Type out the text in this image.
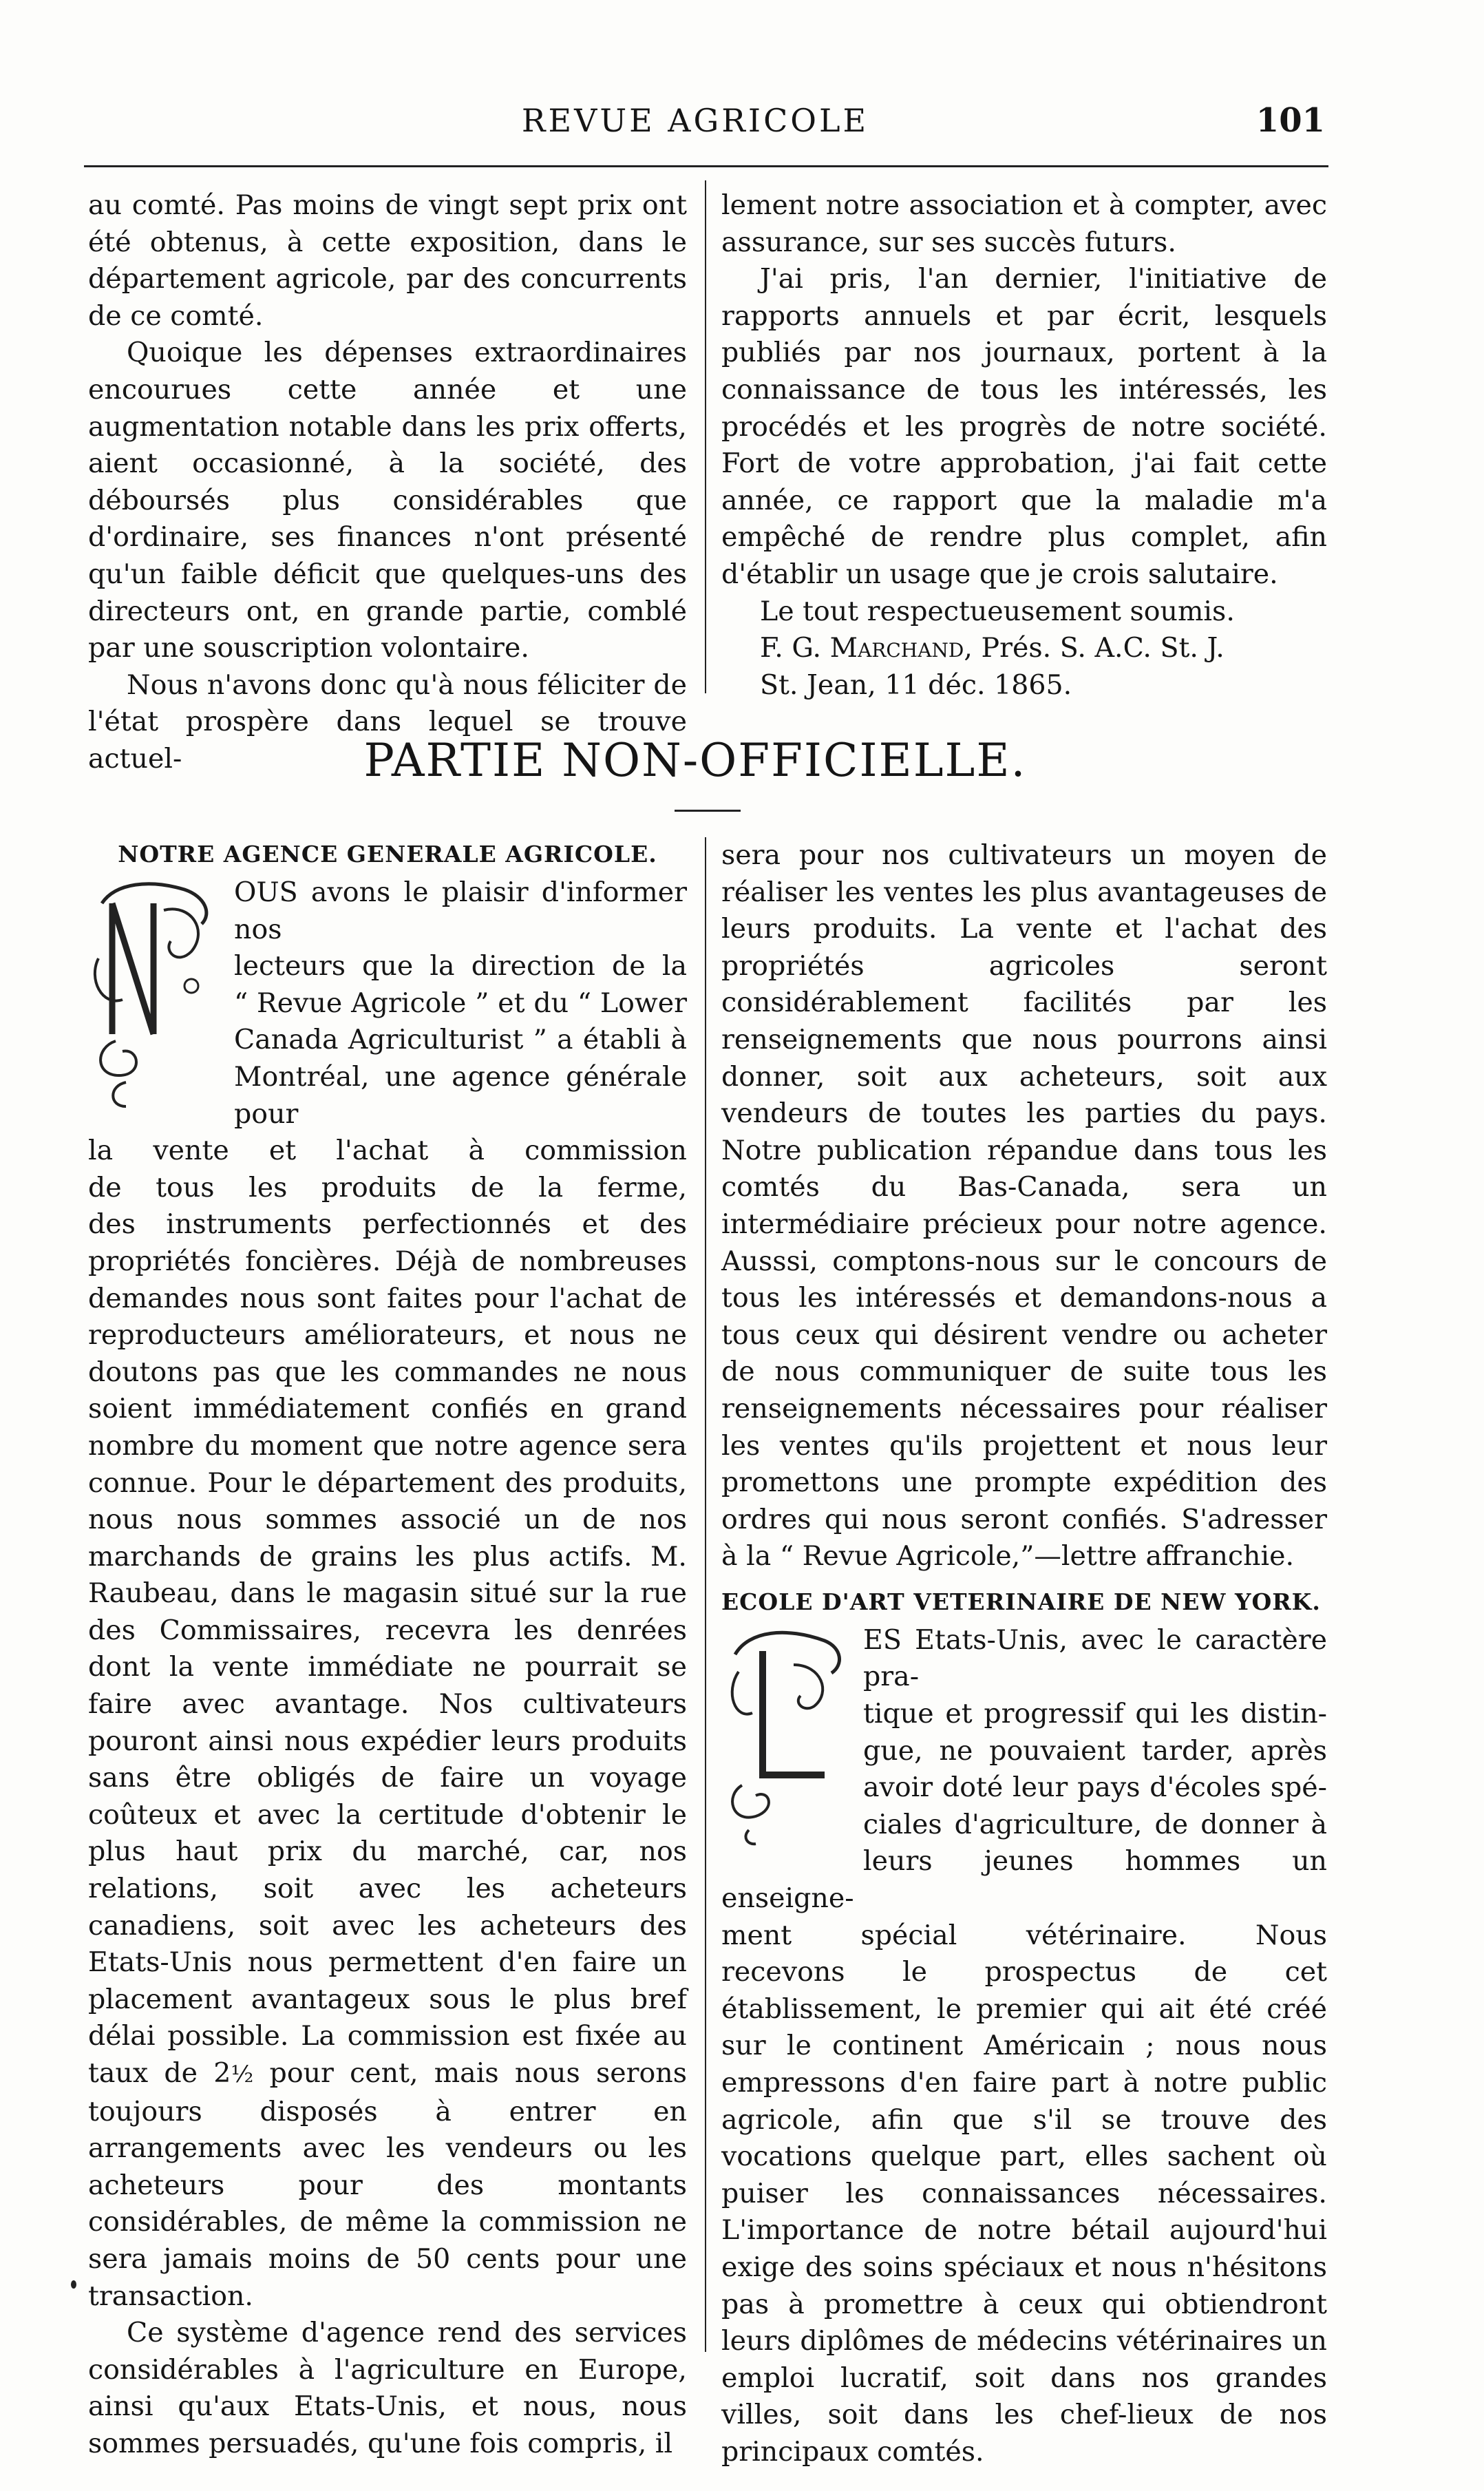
REVUE AGRICOLE	101

au comté. Pas moins de vingt sept prix ont été obtenus, à cette exposition, dans le département agricole, par des concurrents de ce comté.

Quoique les dépenses extraordinaires encourues cette année et une augmentation notable dans les prix offerts, aient occasionné, à la société, des déboursés plus considérables que d'ordinaire, ses finances n'ont présenté qu'un faible déficit que quelques-uns des directeurs ont, en grande partie, comblé par une souscription volontaire.

Nous n'avons donc qu'à nous féliciter de l'état prospère dans lequel se trouve actuel-

lement notre association et à compter, avec assurance, sur ses succès futurs.

J'ai pris, l'an dernier, l'initiative de rapports annuels et par écrit, lesquels publiés par nos journaux, portent à la connaissance de tous les intéressés, les procédés et les progrès de notre société. Fort de votre approbation, j'ai fait cette année, ce rapport que la maladie m'a empêché de rendre plus complet, afin d'établir un usage que je crois salutaire.

Le tout respectueusement soumis.

F. G. Marchand, Prés. S. A.C. St. J.

St. Jean, 11 déc. 1865.

PARTIE NON-OFFICIELLE.
NOTRE AGENCE GENERALE AGRICOLE.
OUS avons le plaisir d'informer nos
lecteurs que la direction de la
“ Revue Agricole ” et du “ Lower
Canada Agriculturist ” a établi à
Montréal, une agence générale pour
la vente et l'achat à commission
de tous les produits de la ferme,

des instruments perfectionnés et des propriétés foncières. Déjà de nombreuses demandes nous sont faites pour l'achat de reproducteurs améliorateurs, et nous ne doutons pas que les commandes ne nous soient immédiatement confiés en grand nombre du moment que notre agence sera connue. Pour le département des produits, nous nous sommes associé un de nos marchands de grains les plus actifs. M. Raubeau, dans le magasin situé sur la rue des Commissaires, recevra les denrées dont la vente immédiate ne pourrait se faire avec avantage. Nos cultivateurs pouront ainsi nous expédier leurs produits sans être obligés de faire un voyage coûteux et avec la certitude d'obtenir le plus haut prix du marché, car, nos relations, soit avec les acheteurs canadiens, soit avec les acheteurs des Etats-Unis nous permettent d'en faire un placement avantageux sous le plus bref délai possible. La commission est fixée au taux de 2½ pour cent, mais nous serons toujours disposés à entrer en arrangements avec les vendeurs ou les acheteurs pour des montants considérables, de même la commission ne sera jamais moins de 50 cents pour une transaction.

Ce système d'agence rend des services considérables à l'agriculture en Europe, ainsi qu'aux Etats-Unis, et nous, nous sommes persuadés, qu'une fois compris, il

sera pour nos cultivateurs un moyen de réaliser les ventes les plus avantageuses de leurs produits. La vente et l'achat des propriétés agricoles seront considérablement facilités par les renseignements que nous pourrons ainsi donner, soit aux acheteurs, soit aux vendeurs de toutes les parties du pays. Notre publication répandue dans tous les comtés du Bas-Canada, sera un intermédiaire précieux pour notre agence. Ausssi, comptons-nous sur le concours de tous les intéressés et demandons-nous a tous ceux qui désirent vendre ou acheter de nous communiquer de suite tous les renseignements nécessaires pour réaliser les ventes qu'ils projettent et nous leur promettons une prompte expédition des ordres qui nous seront confiés. S'adresser à la “ Revue Agricole,”—lettre affranchie.

ECOLE D'ART VETERINAIRE DE NEW YORK.
ES Etats-Unis, avec le caractère pra-
tique et progressif qui les distin-
gue, ne pouvaient tarder, après
avoir doté leur pays d'écoles spé-
ciales d'agriculture, de donner à
leurs jeunes hommes un enseigne-
ment spécial vétérinaire. Nous

recevons le prospectus de cet établissement, le premier qui ait été créé sur le continent Américain ; nous nous empressons d'en faire part à notre public agricole, afin que s'il se trouve des vocations quelque part, elles sachent où puiser les connaissances nécessaires. L'importance de notre bétail aujourd'hui exige des soins spéciaux et nous n'hésitons pas à promettre à ceux qui obtiendront leurs diplômes de médecins vétérinaires un emploi lucratif, soit dans nos grandes villes, soit dans les chef-lieux de nos principaux comtés.
